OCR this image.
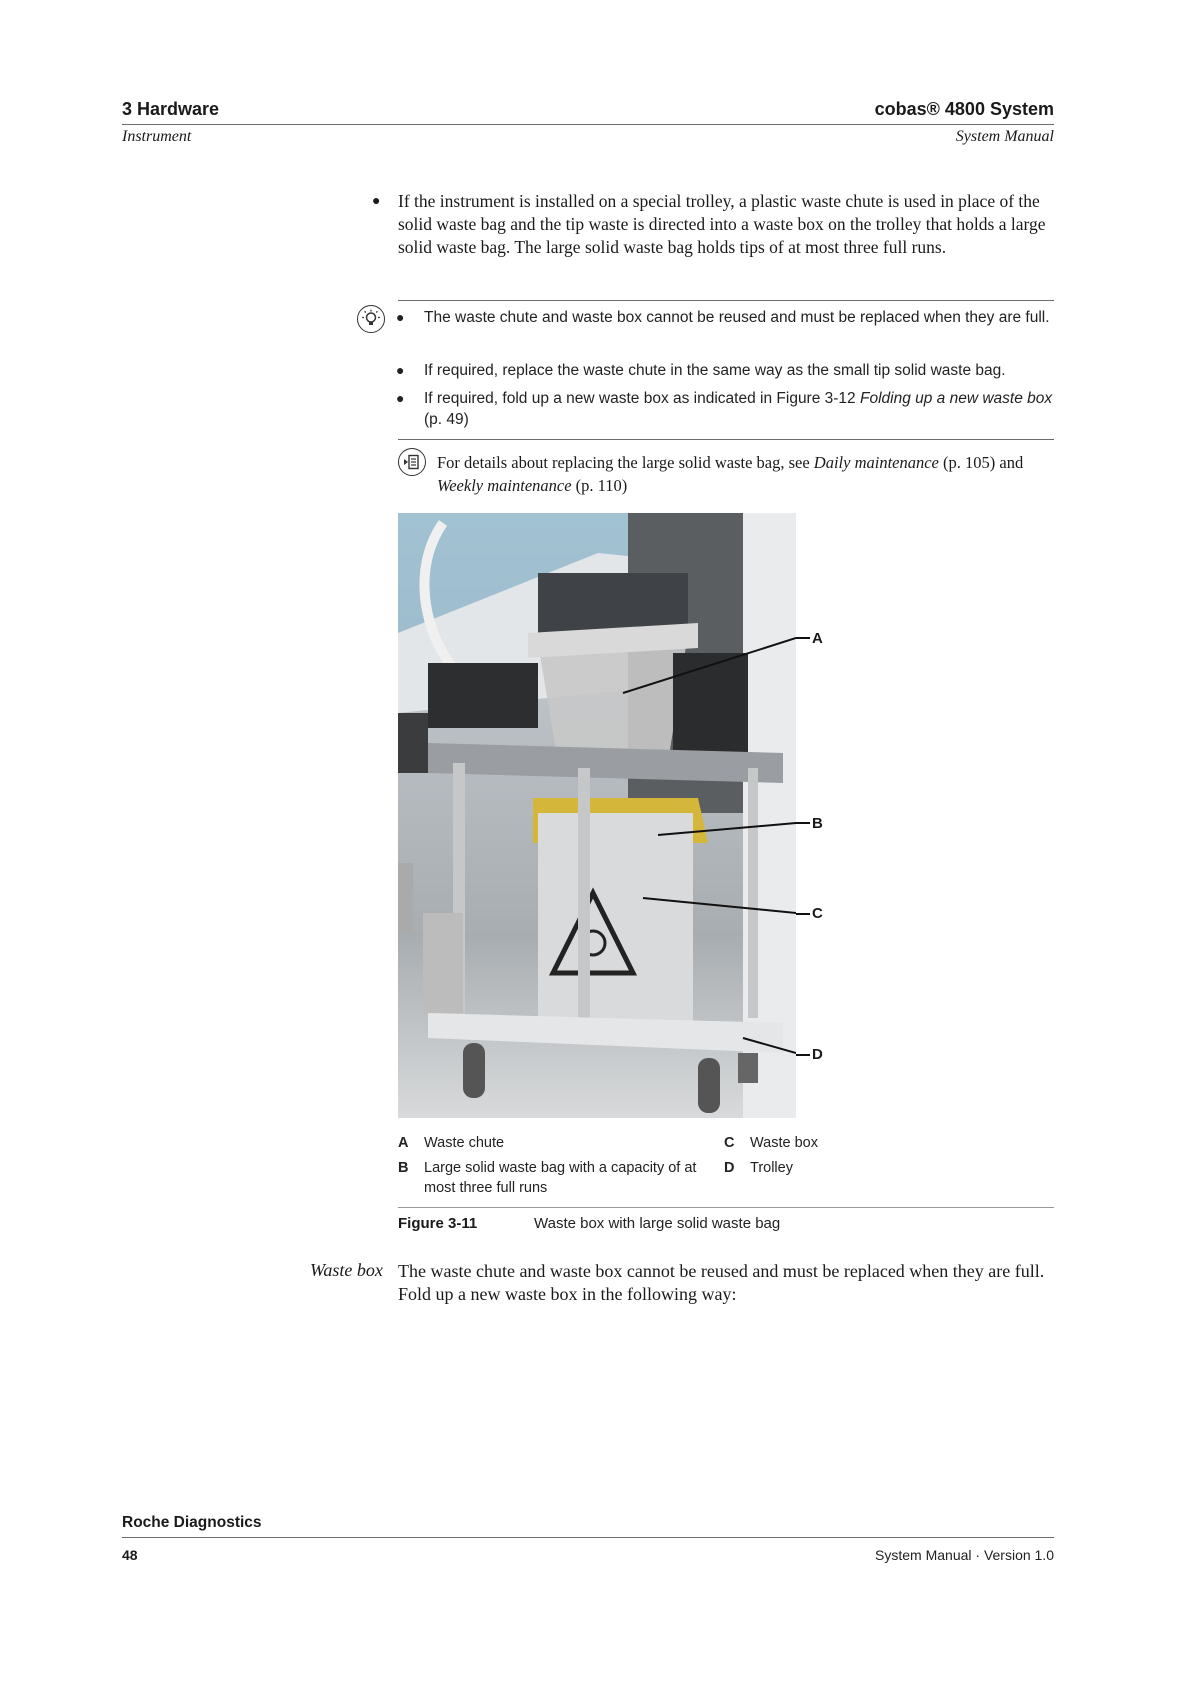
3 Hardware	cobas® 4800 System
Instrument	System Manual
● If the instrument is installed on a special trolley, a plastic waste chute is used in place of the solid waste bag and the tip waste is directed into a waste box on the trolley that holds a large solid waste bag. The large solid waste bag holds tips of at most three full runs.
● The waste chute and waste box cannot be reused and must be replaced when they are full.
● If required, replace the waste chute in the same way as the small tip solid waste bag.
● If required, fold up a new waste box as indicated in Figure 3-12 Folding up a new waste box (p. 49)
For details about replacing the large solid waste bag, see Daily maintenance (p. 105) and Weekly maintenance (p. 110)
A
B
C
D
A Waste chute
B Large solid waste bag with a capacity of at most three full runs
C Waste box
D Trolley
Figure 3-11	Waste box with large solid waste bag
Waste box The waste chute and waste box cannot be reused and must be replaced when they are full. Fold up a new waste box in the following way:
Roche Diagnostics
48	System Manual · Version 1.0
